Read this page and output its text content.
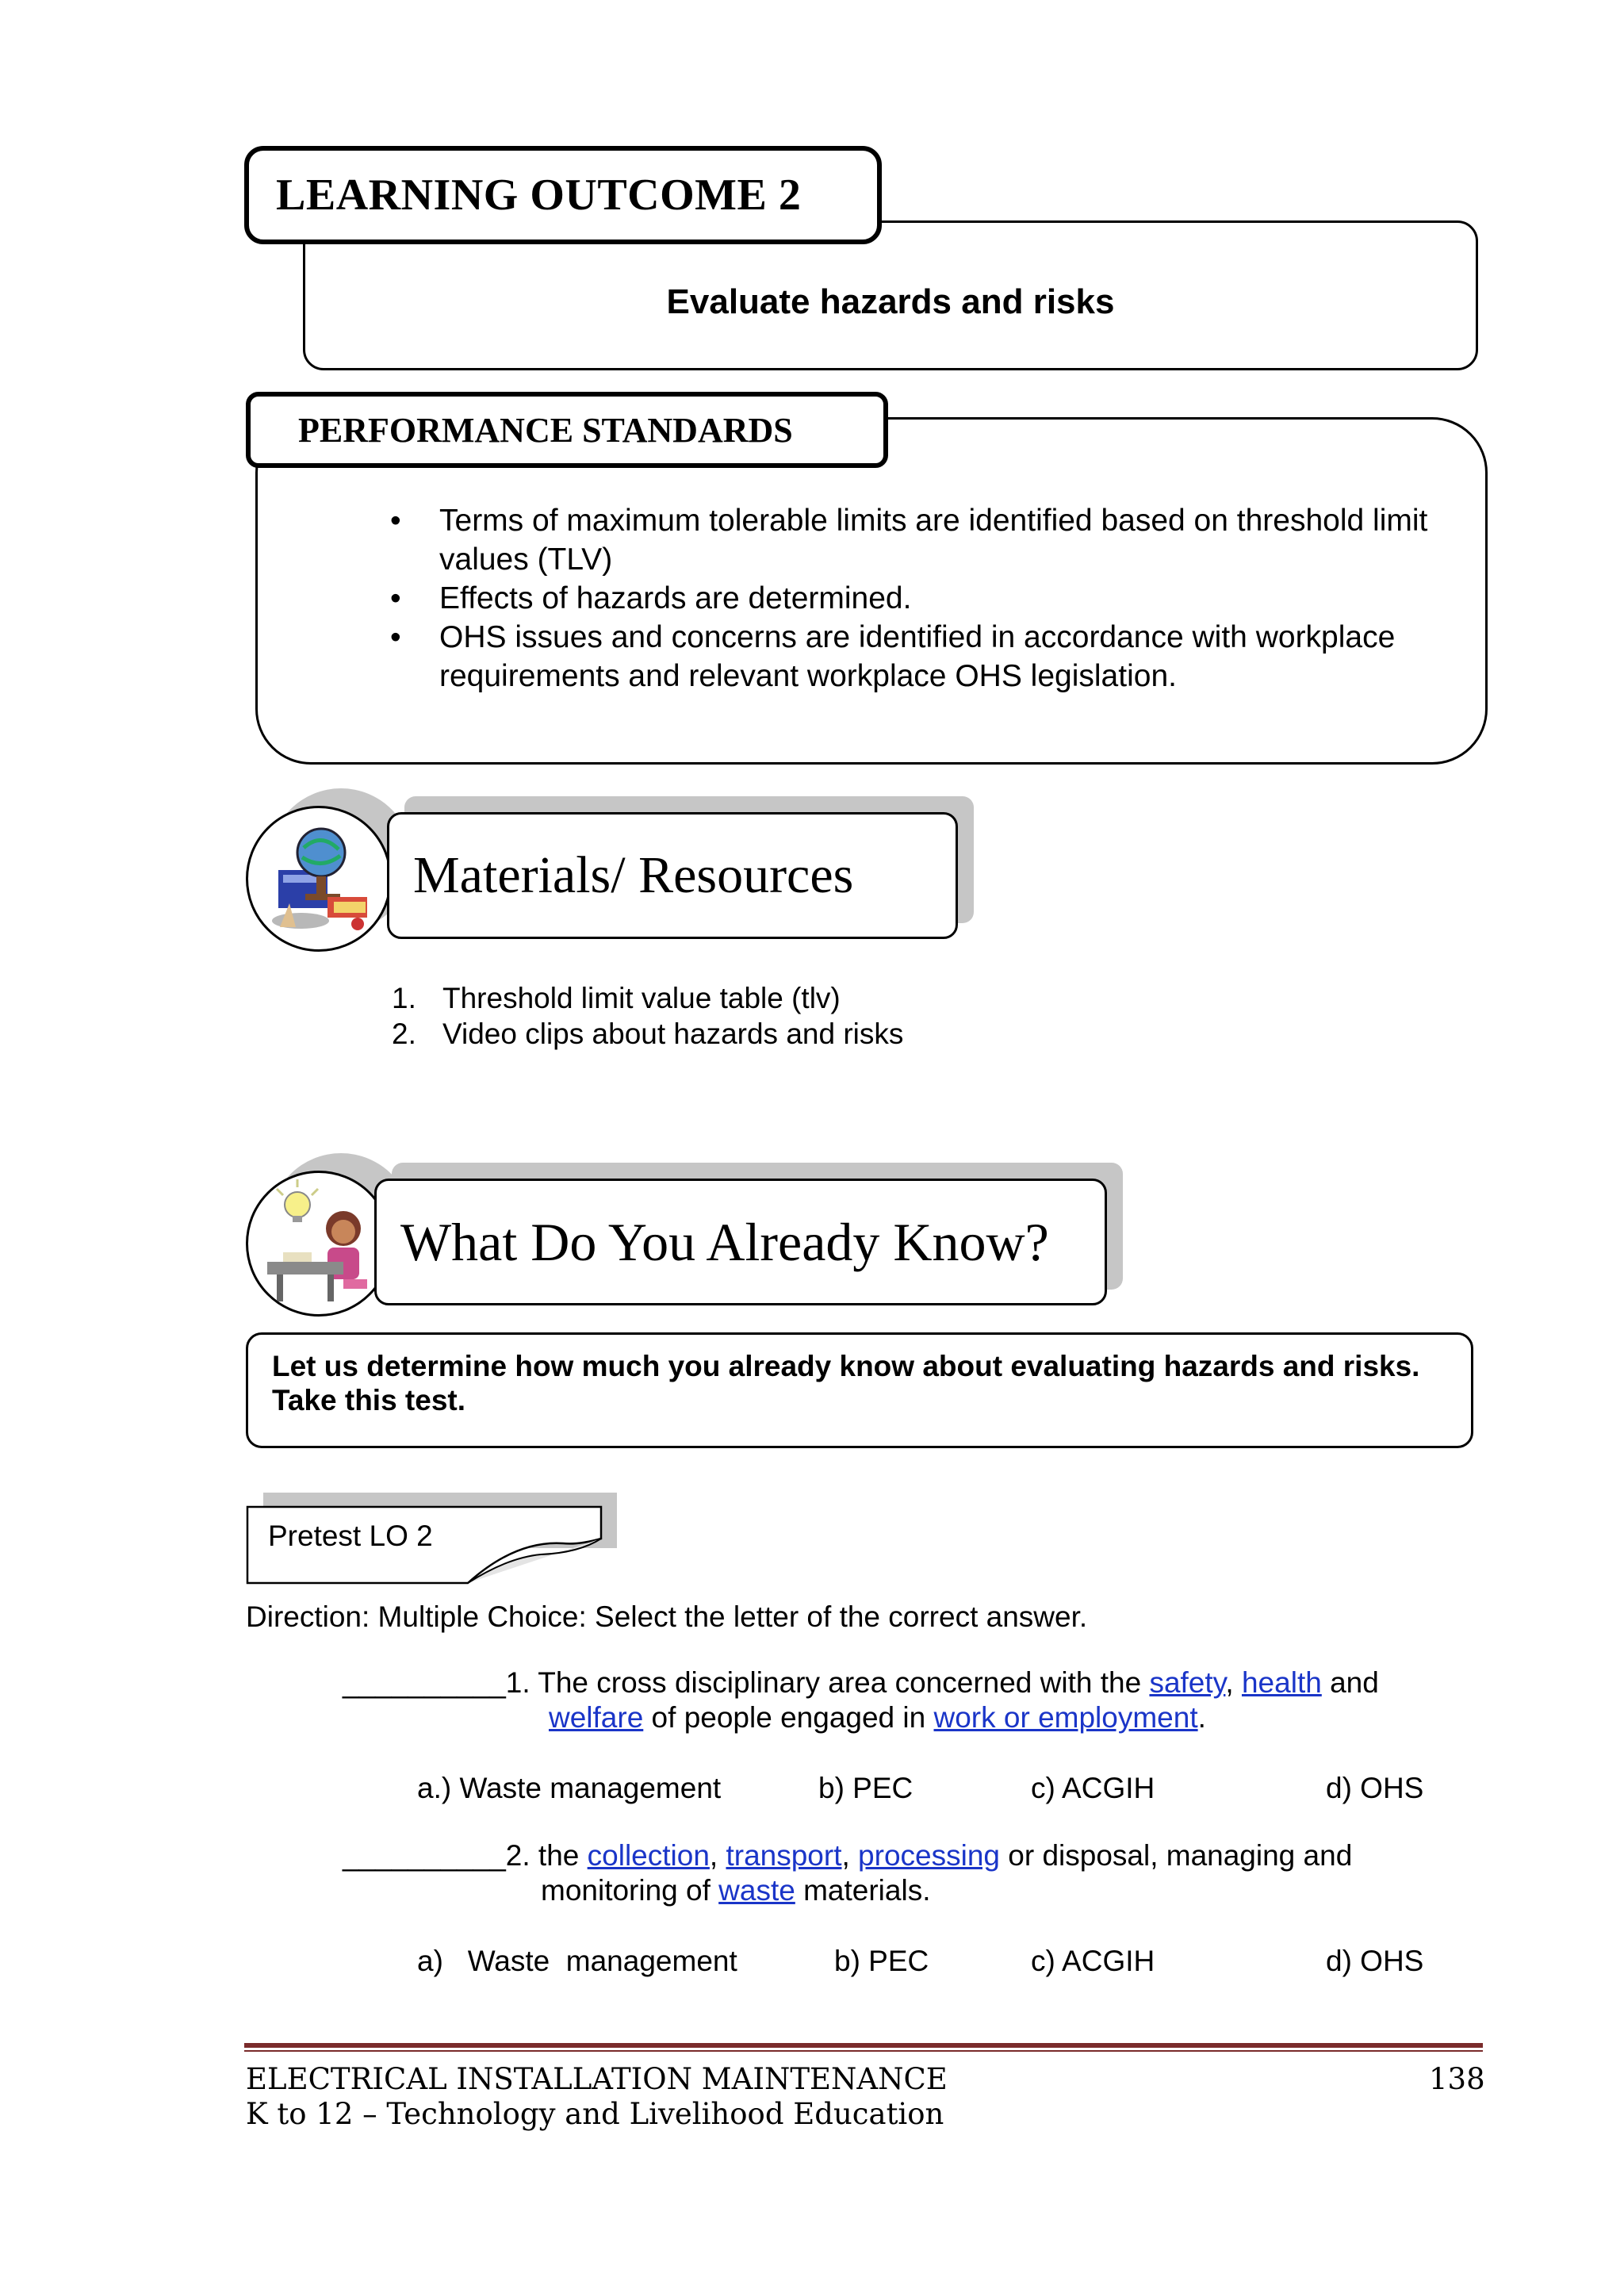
LEARNING OUTCOME 2
Evaluate hazards and risks
PERFORMANCE STANDARDS
•	Terms of maximum tolerable limits are identified based on threshold limit values (TLV)
•	Effects of hazards are determined.
•	OHS issues and concerns are identified in accordance with workplace requirements and relevant workplace OHS legislation.
Materials/ Resources
1. Threshold limit value table (tlv)
2. Video clips about hazards and risks
What Do You Already Know?
Let us determine how much you already know about evaluating hazards and risks.
Take this test.
Pretest LO 2
Direction: Multiple Choice: Select the letter of the correct answer.
__________1. The cross disciplinary area concerned with the safety, health and
welfare of people engaged in work or employment.
a.) Waste management	b) PEC	c) ACGIH	d) OHS
__________2. the collection, transport, processing or disposal, managing and
monitoring of waste materials.
a)   Waste  management	b) PEC	c) ACGIH	d) OHS
ELECTRICAL INSTALLATION MAINTENANCE
K to 12 – Technology and Livelihood Education
138
